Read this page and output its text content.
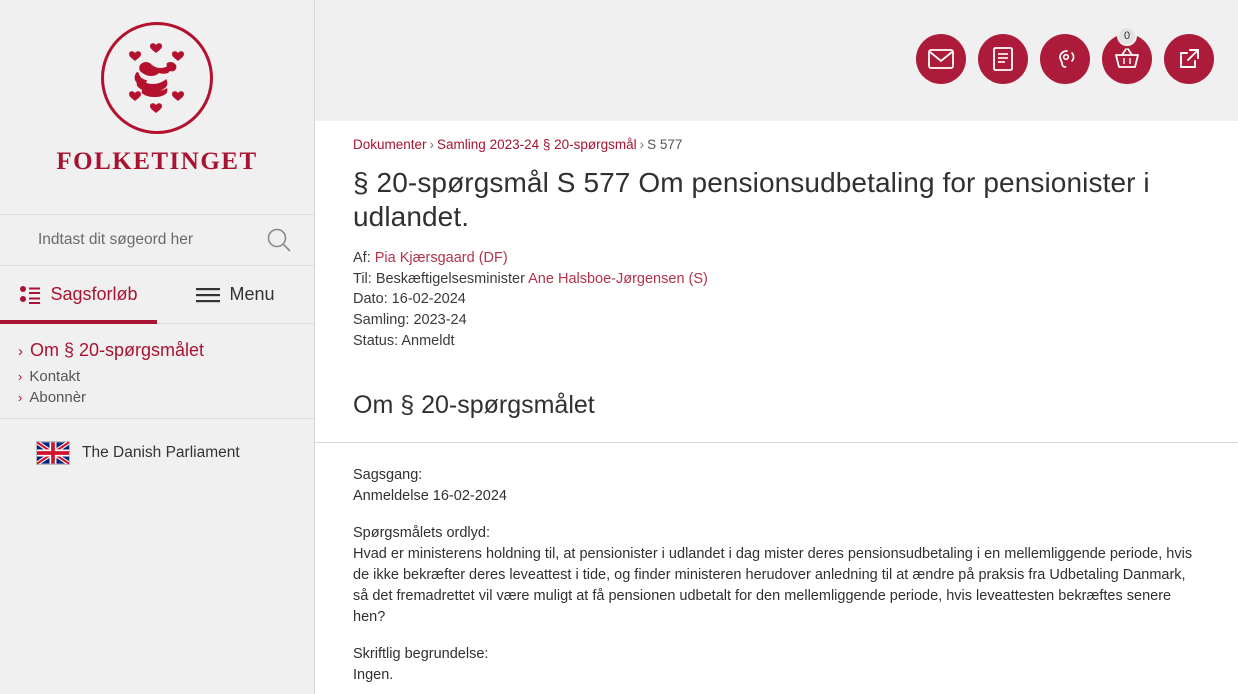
FOLKETINGET
Indtast dit søgeord her
Sagsforløb	Menu
› Om § 20-spørgsmålet
› Kontakt
› Abonnèr
The Danish Parliament
0
Dokumenter › Samling 2023-24 § 20-spørgsmål › S 577
§ 20-spørgsmål S 577 Om pensionsudbetaling for pensionister i udlandet.
Af: Pia Kjærsgaard (DF)
Til: Beskæftigelsesminister Ane Halsboe-Jørgensen (S)
Dato: 16-02-2024
Samling: 2023-24
Status: Anmeldt
Om § 20-spørgsmålet

Sagsgang:
Anmeldelse 16-02-2024

Spørgsmålets ordlyd:
Hvad er ministerens holdning til, at pensionister i udlandet i dag mister deres pensionsudbetaling i en mellemliggende periode, hvis de ikke bekræfter deres leveattest i tide, og finder ministeren herudover anledning til at ændre på praksis fra Udbetaling Danmark, så det fremadrettet vil være muligt at få pensionen udbetalt for den mellemliggende periode, hvis leveattesten bekræftes senere hen?

Skriftlig begrundelse:
Ingen.
